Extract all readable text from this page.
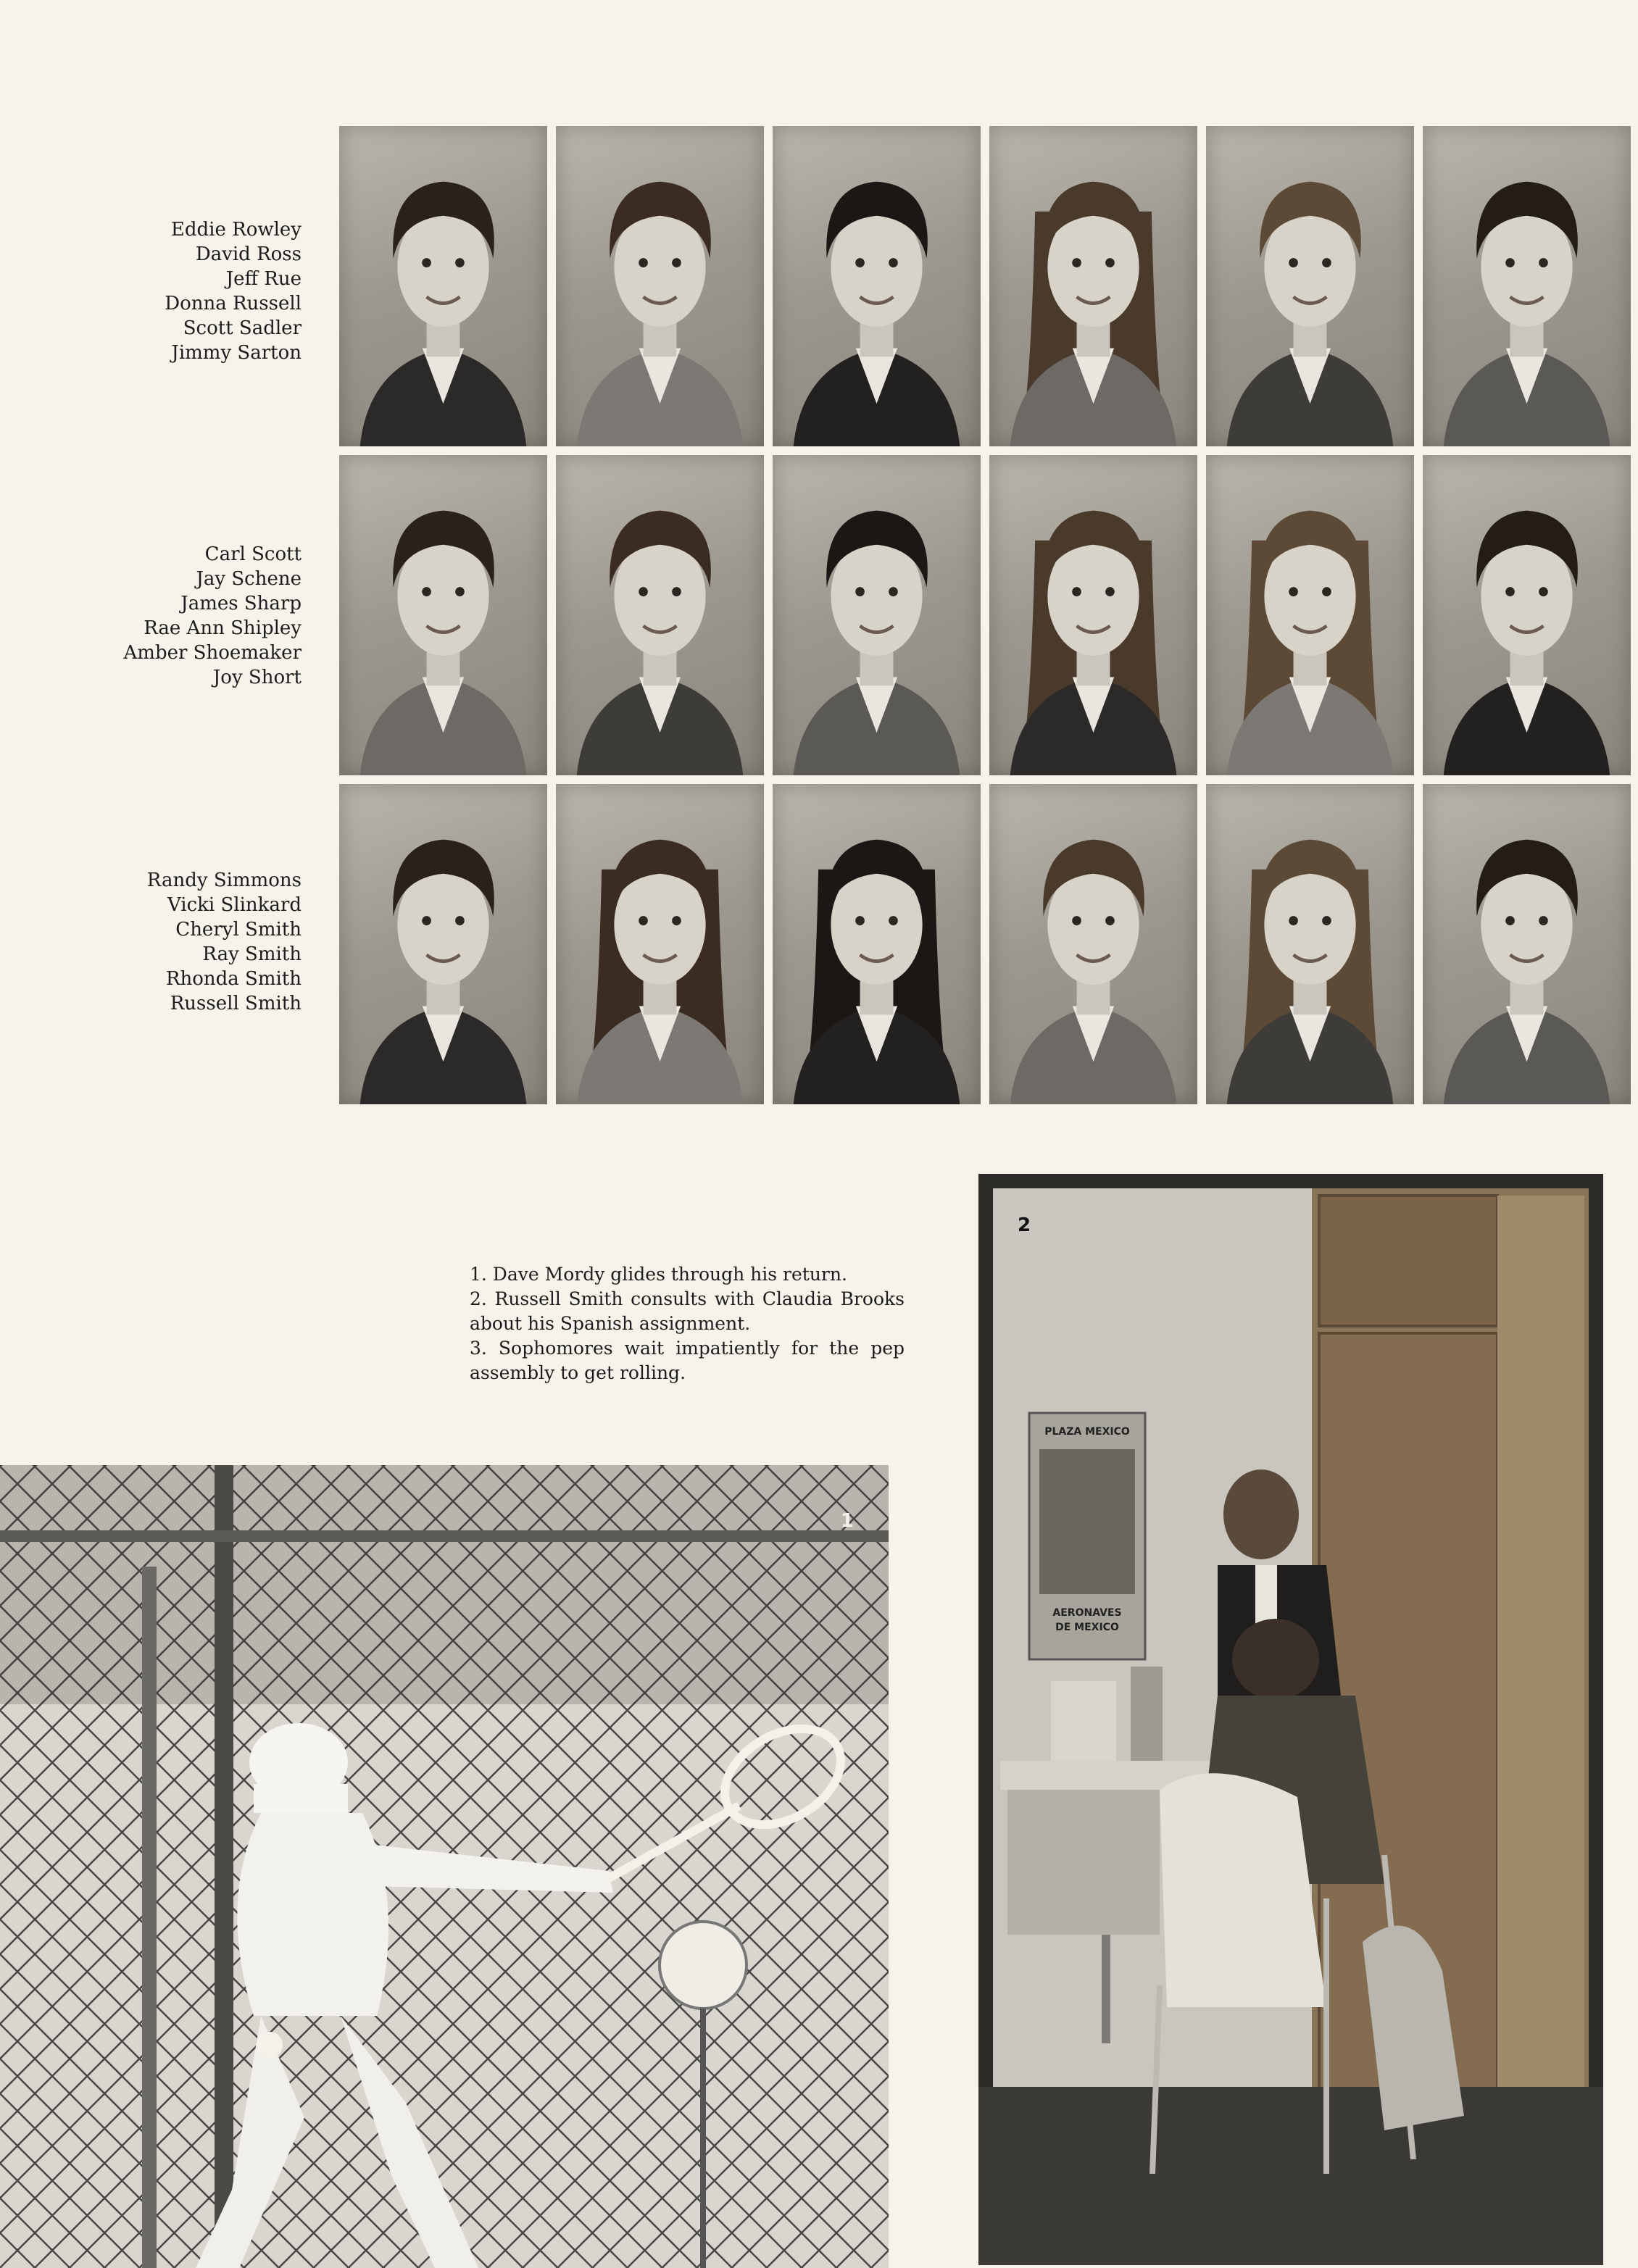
Eddie Rowley
David Ross
Jeff Rue
Donna Russell
Scott Sadler
Jimmy Sarton
Carl Scott
Jay Schene
James Sharp
Rae Ann Shipley
Amber Shoemaker
Joy Short
Randy Simmons
Vicki Slinkard
Cheryl Smith
Ray Smith
Rhonda Smith
Russell Smith
1. Dave Mordy glides through his return.
2. Russell Smith consults with Claudia Brooks about his Spanish assignment.
3. Sophomores wait impatiently for the pep assembly to get rolling.
1
PLAZA MEXICO
AERONAVES
DE MEXICO
2
